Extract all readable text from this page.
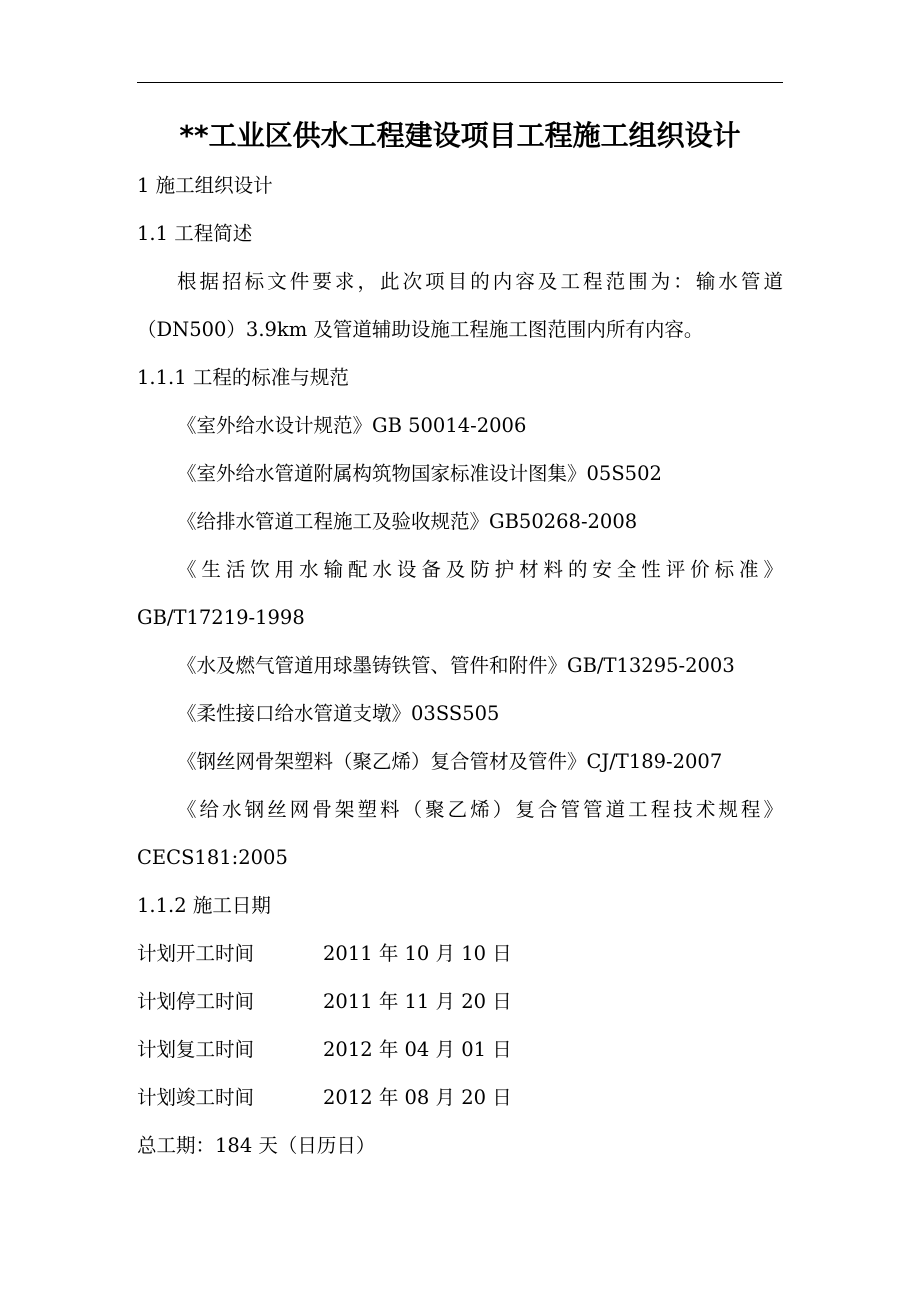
**工业区供水工程建设项目工程施工组织设计
1 施工组织设计
1.1 工程简述
根据招标文件要求，此次项目的内容及工程范围为：输水管道
（DN500）3.9km 及管道辅助设施工程施工图范围内所有内容。
1.1.1 工程的标准与规范
《室外给水设计规范》GB 50014-2006
《室外给水管道附属构筑物国家标准设计图集》05S502
《给排水管道工程施工及验收规范》GB50268-2008
《生活饮用水输配水设备及防护材料的安全性评价标准》
GB/T17219-1998
《水及燃气管道用球墨铸铁管、管件和附件》GB/T13295-2003
《柔性接口给水管道支墩》03SS505
《钢丝网骨架塑料（聚乙烯）复合管材及管件》CJ/T189-2007
《给水钢丝网骨架塑料（聚乙烯）复合管管道工程技术规程》
CECS181:2005
1.1.2 施工日期
计划开工时间	2011 年 10 月 10 日
计划停工时间	2011 年 11 月 20 日
计划复工时间	2012 年 04 月 01 日
计划竣工时间	2012 年 08 月 20 日
总工期：184 天（日历日）
